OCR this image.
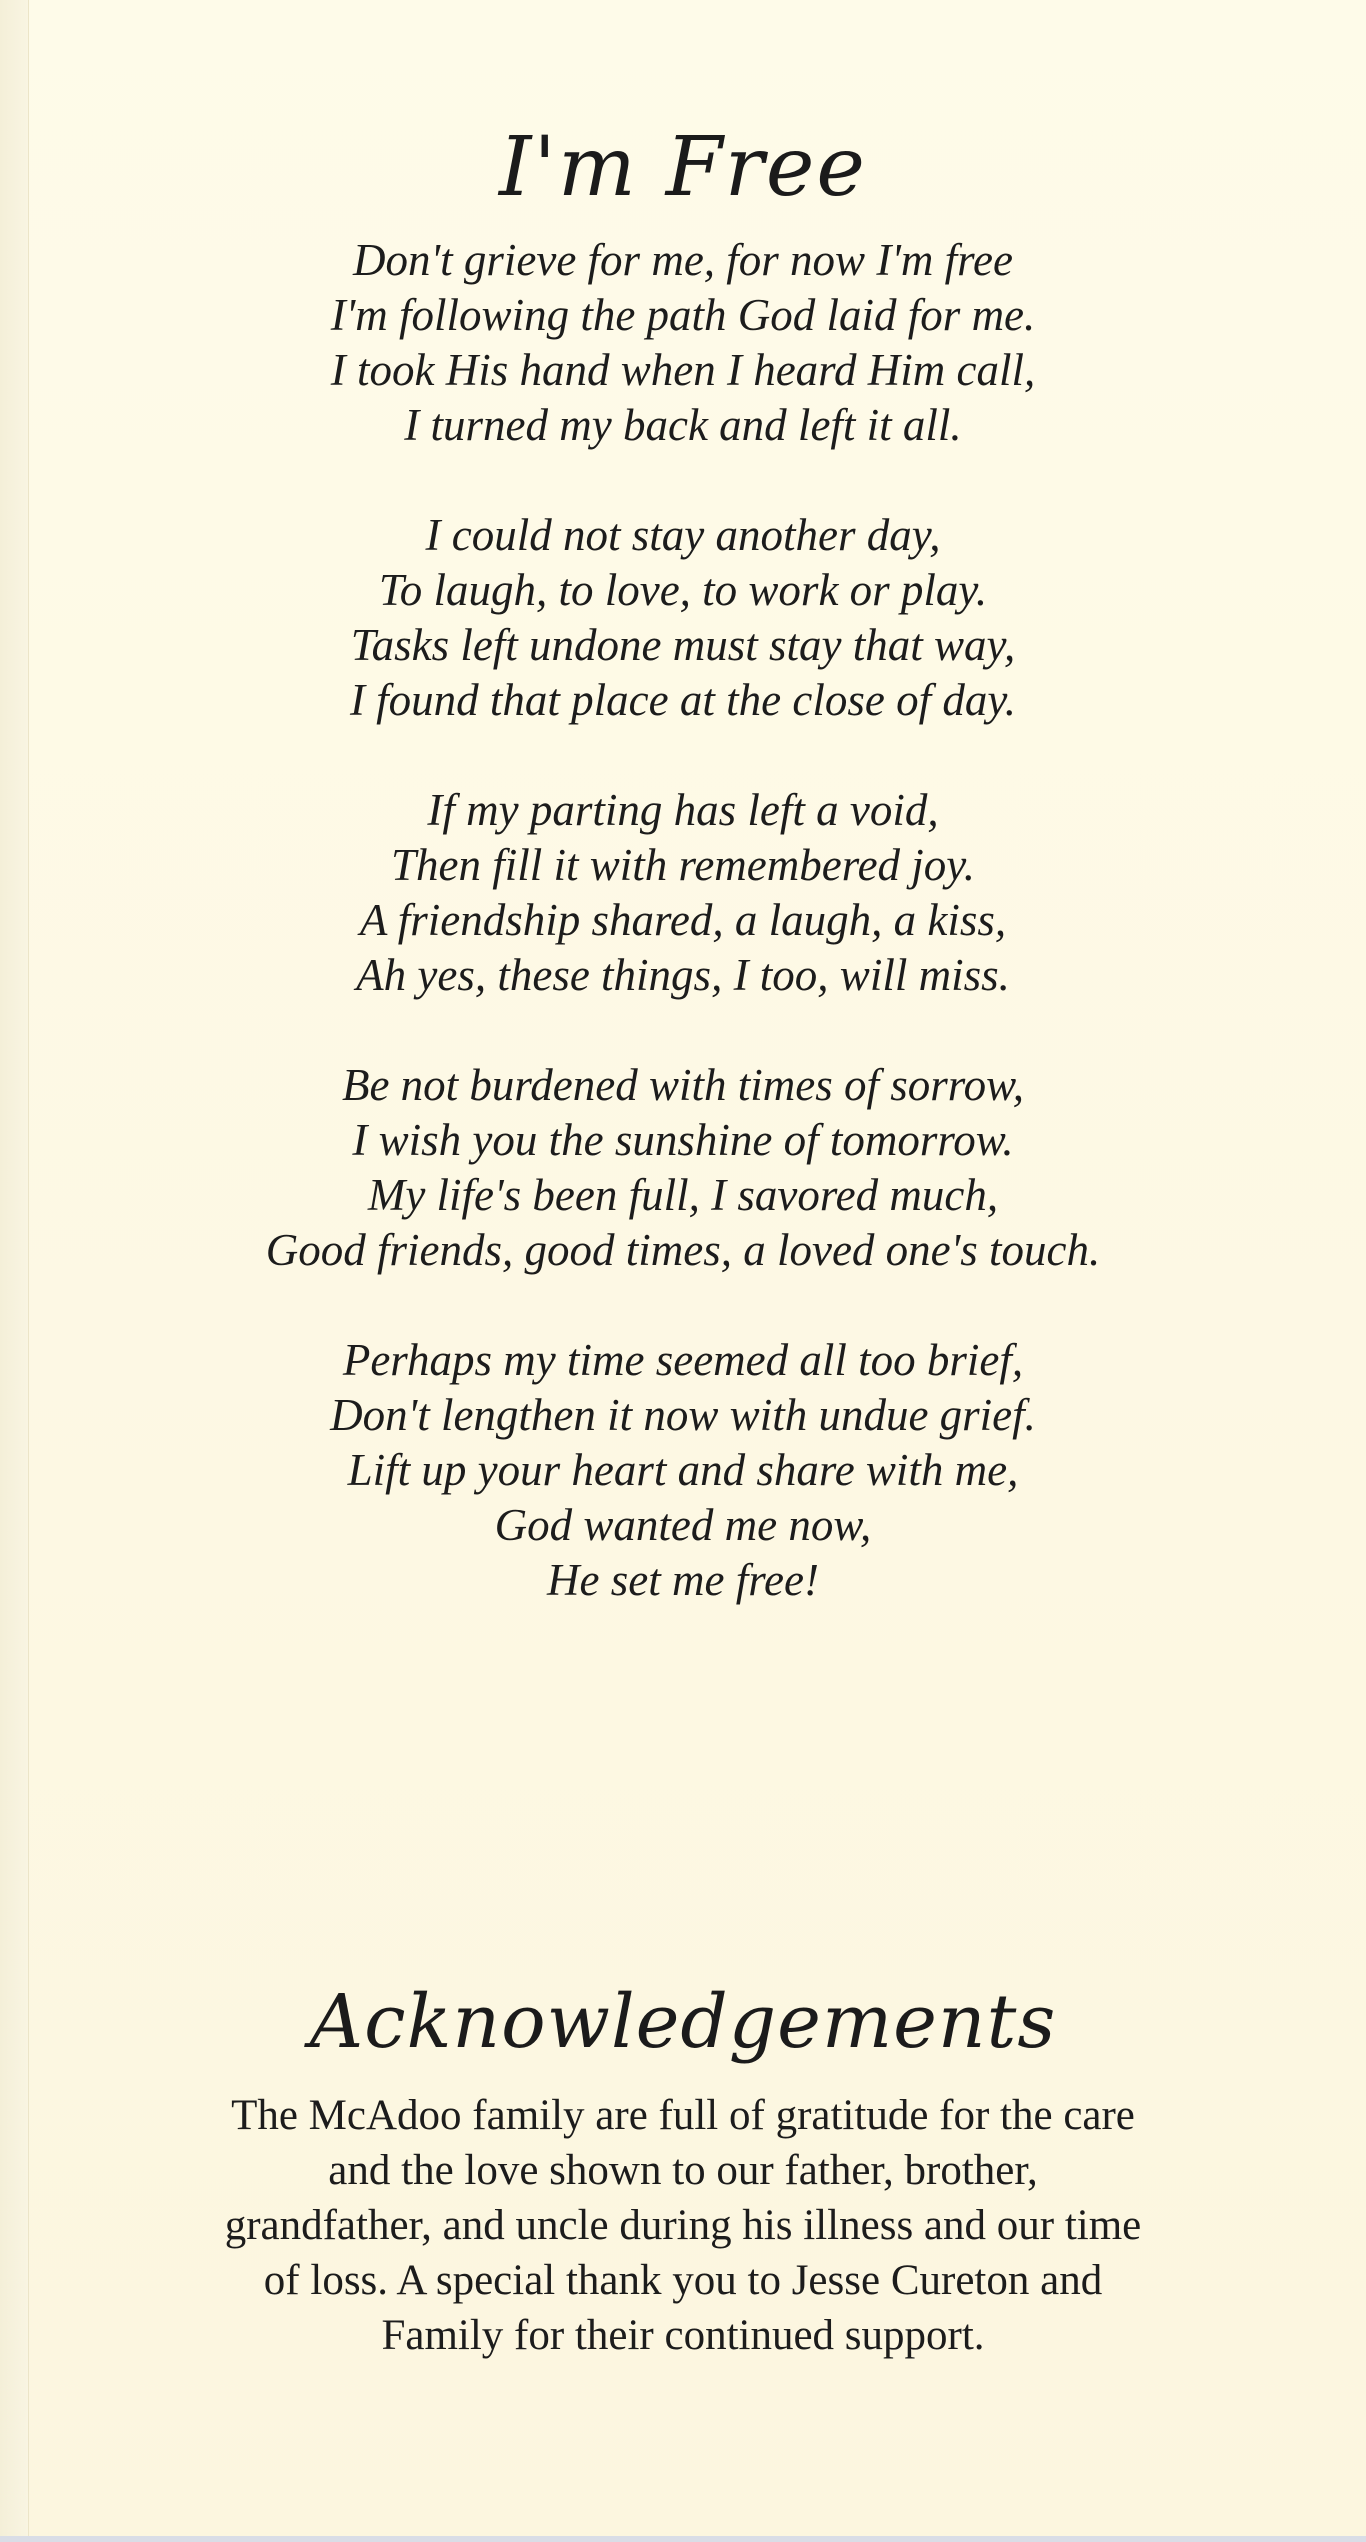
I'm Free
Don't grieve for me, for now I'm free
I'm following the path God laid for me.
I took His hand when I heard Him call,
I turned my back and left it all.
I could not stay another day,
To laugh, to love, to work or play.
Tasks left undone must stay that way,
I found that place at the close of day.
If my parting has left a void,
Then fill it with remembered joy.
A friendship shared, a laugh, a kiss,
Ah yes, these things, I too, will miss.
Be not burdened with times of sorrow,
I wish you the sunshine of tomorrow.
My life's been full, I savored much,
Good friends, good times, a loved one's touch.
Perhaps my time seemed all too brief,
Don't lengthen it now with undue grief.
Lift up your heart and share with me,
God wanted me now,
He set me free!
Acknowledgements
The McAdoo family are full of gratitude for the care
and the love shown to our father, brother,
grandfather, and uncle during his illness and our time
of loss. A special thank you to Jesse Cureton and
Family for their continued support.
